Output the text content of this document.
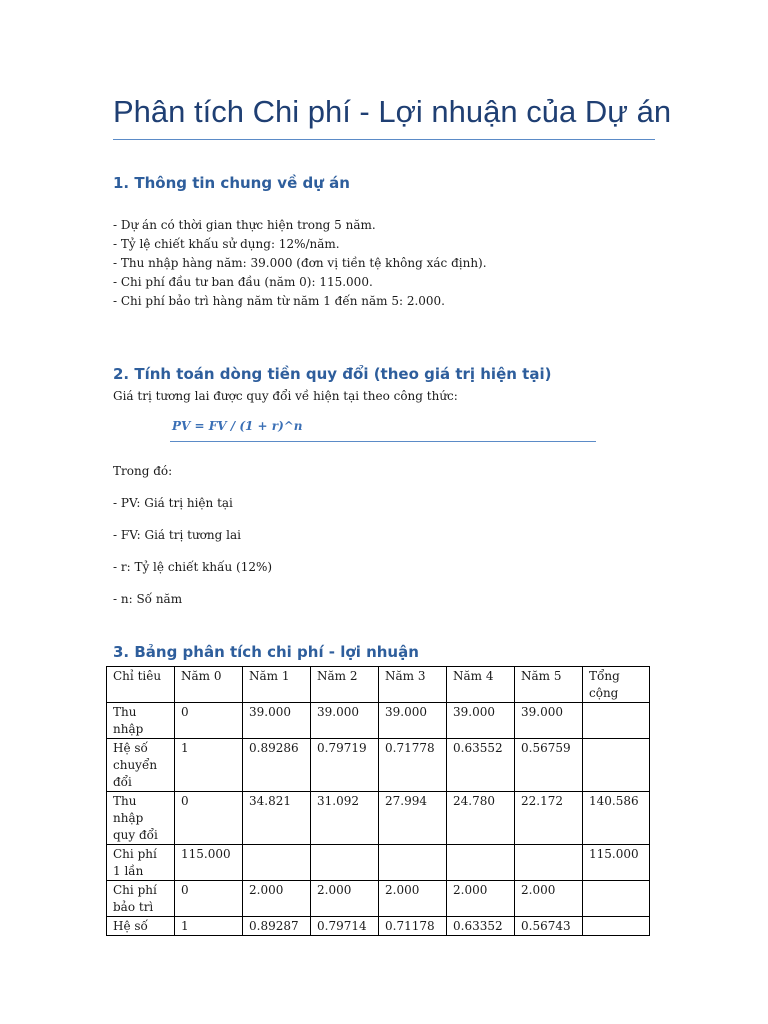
Phân tích Chi phí - Lợi nhuận của Dự án
1. Thông tin chung về dự án
- Dự án có thời gian thực hiện trong 5 năm.
- Tỷ lệ chiết khấu sử dụng: 12%/năm.
- Thu nhập hàng năm: 39.000 (đơn vị tiền tệ không xác định).
- Chi phí đầu tư ban đầu (năm 0): 115.000.
- Chi phí bảo trì hàng năm từ năm 1 đến năm 5: 2.000.
2. Tính toán dòng tiền quy đổi (theo giá trị hiện tại)
Giá trị tương lai được quy đổi về hiện tại theo công thức:
PV = FV / (1 + r)^n
Trong đó:
- PV: Giá trị hiện tại
- FV: Giá trị tương lai
- r: Tỷ lệ chiết khấu (12%)
- n: Số năm
3. Bảng phân tích chi phí - lợi nhuận
Chỉ tiêu	Năm 0	Năm 1	Năm 2	Năm 3	Năm 4	Năm 5	Tổng cộng
Thu nhập	0	39.000	39.000	39.000	39.000	39.000	
Hệ số chuyển đổi	1	0.89286	0.79719	0.71778	0.63552	0.56759	
Thu nhập quy đổi	0	34.821	31.092	27.994	24.780	22.172	140.586
Chi phí 1 lần	115.000						115.000
Chi phí bảo trì	0	2.000	2.000	2.000	2.000	2.000	
Hệ số	1	0.89287	0.79714	0.71178	0.63352	0.56743	
